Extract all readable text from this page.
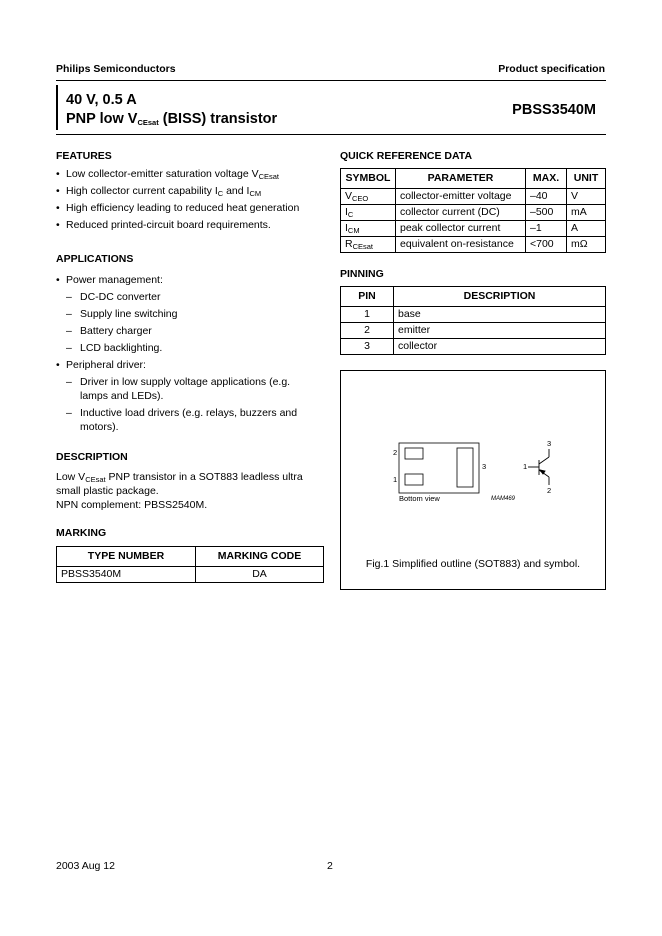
Philips Semiconductors	Product specification
40 V, 0.5 A
PNP low $V_{CEsat}$ (BISS) transistor
PBSS3540M
FEATURES
• Low collector-emitter saturation voltage $V_{CEsat}$
• High collector current capability $I_C$ and $I_{CM}$
• High efficiency leading to reduced heat generation
• Reduced printed-circuit board requirements.
APPLICATIONS
• Power management:
– DC-DC converter
– Supply line switching
– Battery charger
– LCD backlighting.
• Peripheral driver:
– Driver in low supply voltage applications (e.g. lamps and LEDs).
– Inductive load drivers (e.g. relays, buzzers and motors).
DESCRIPTION
Low $V_{CEsat}$ PNP transistor in a SOT883 leadless ultra small plastic package.
NPN complement: PBSS2540M.
MARKING
TYPE NUMBER	MARKING CODE
PBSS3540M	DA
QUICK REFERENCE DATA
SYMBOL	PARAMETER	MAX.	UNIT
$V_{CEO}$	collector-emitter voltage	–40	V
$I_C$	collector current (DC)	–500	mA
$I_{CM}$	peak collector current	–1	A
$R_{CEsat}$	equivalent on-resistance	<700	mΩ
PINNING
PIN	DESCRIPTION
1	base
2	emitter
3	collector
2
1
3
Bottom view	MAM469
1
3
2
Fig.1 Simplified outline (SOT883) and symbol.
2003 Aug 12	2
